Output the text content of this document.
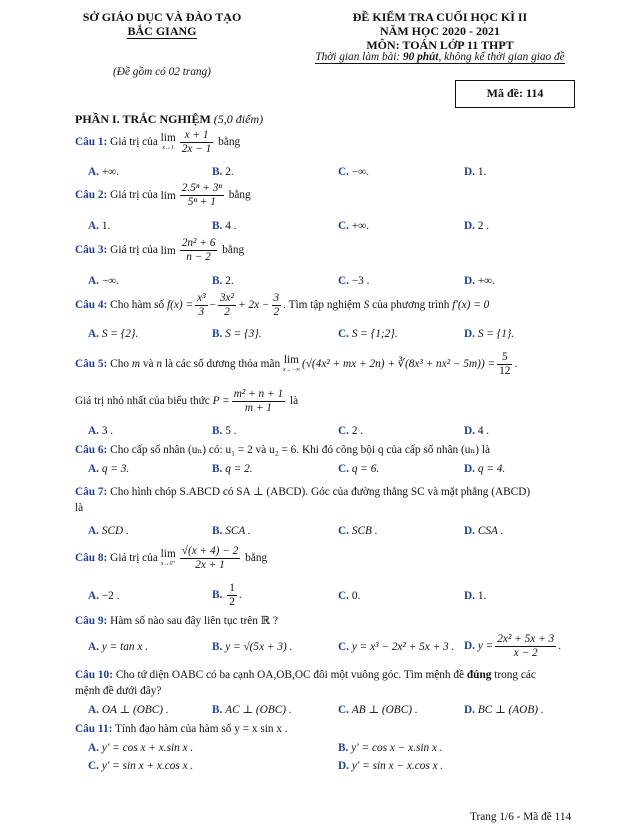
SỞ GIÁO DỤC VÀ ĐÀO TẠO
BẮC GIANG
(Đề gồm có 02 trang)
ĐỀ KIỂM TRA CUỐI HỌC KÌ II
NĂM HỌC 2020 - 2021
MÔN: TOÁN LỚP 11 THPT
Thời gian làm bài: 90 phút, không kể thời gian giao đề
Mã đề: 114
PHẦN I. TRẮC NGHIỆM (5,0 điểm)
Câu 1: Giá trị của lim
$x\to 1 \frac{x + 1}{2x - 1}$ bằng
A. +∞.	B. 2.	C. −∞.	D. 1.
Câu 2: Giá trị của $\lim \frac{\text{2.5ⁿ + 3ⁿ}}{\text{5ⁿ + 1}}$ bằng
A. 1.	B. 4 .	C. +∞.	D. 2 .
Câu 3: Giá trị của $\lim \frac{\text{2n² + 6}}{n - 2}$ bằng
A. −∞.	B. 2.	C. −3 .	D. +∞.
Câu 4: Cho hàm số $f(x) = \frac{\text{x³}}{3} - \frac{\text{3x²}}{2} + 2x - \frac{3}{2}$ . Tìm tập nghiệm S của phương trình f′(x) = 0
A. S = {2}.	B. S = {3}.	C. S = {1;2}.	D. S = {1}.
Câu 5: Cho m và n là các số dương thỏa mãn lim
x→−∞ (√(4x² + mx + 2n) + ∛(8x³ + $nx^2 - 5m)) = \frac{5}{12}$ .
Giá trị nhỏ nhất của biểu thức $P = \frac{\text{m² + n + 1}}{m + 1}$ là
A. 3 .	B. 5 .	C. 2 .	D. 4 .
Câu 6: Cho cấp số nhân (uₙ) có: u₁ = 2 và u₂ = 6. Khi đó công bội q của cấp số nhân (uₙ) là
A. q = 3.	B. q = 2.	C. q = 6.	D. q = 4.
Câu 7: Cho hình chóp S.ABCD có SA ⊥ (ABCD). Góc của đường thẳng SC và mặt phẳng (ABCD)
là
A. SCD .	B. SCA .	C. SCB .	D. CSA .
Câu 8: Giá trị của lim
$x\to 0^+ \frac{√(x + 4) - 2}{2x + 1}$ bằng
A. −2 .	B. $\frac{1}{2}$ .	C. 0.	D. 1.
Câu 9: Hàm số nào sau đây liên tục trên ℝ ?
A. y = tan x .	B. y = √(5x + 3) .	C. y = x³ − 2x² + 5x + 3 . D. $y = \frac{\text{2x² + 5x + 3}}{x - 2}$ .
Câu 10: Cho tứ diện OABC có ba cạnh OA,OB,OC đôi một vuông góc. Tìm mệnh đề đúng trong các
mệnh đề dưới đây?
A. OA ⊥ (OBC) .	B. AC ⊥ (OBC) .	C. AB ⊥ (OBC) .	D. BC ⊥ (AOB) .
Câu 11: Tính đạo hàm của hàm số y = x sin x .
A. y′ = cos x + x.sin x .	B. y′ = cos x − x.sin x .
C. y′ = sin x + x.cos x .	D. y′ = sin x − x.cos x .
Trang 1/6 - Mã đề 114
